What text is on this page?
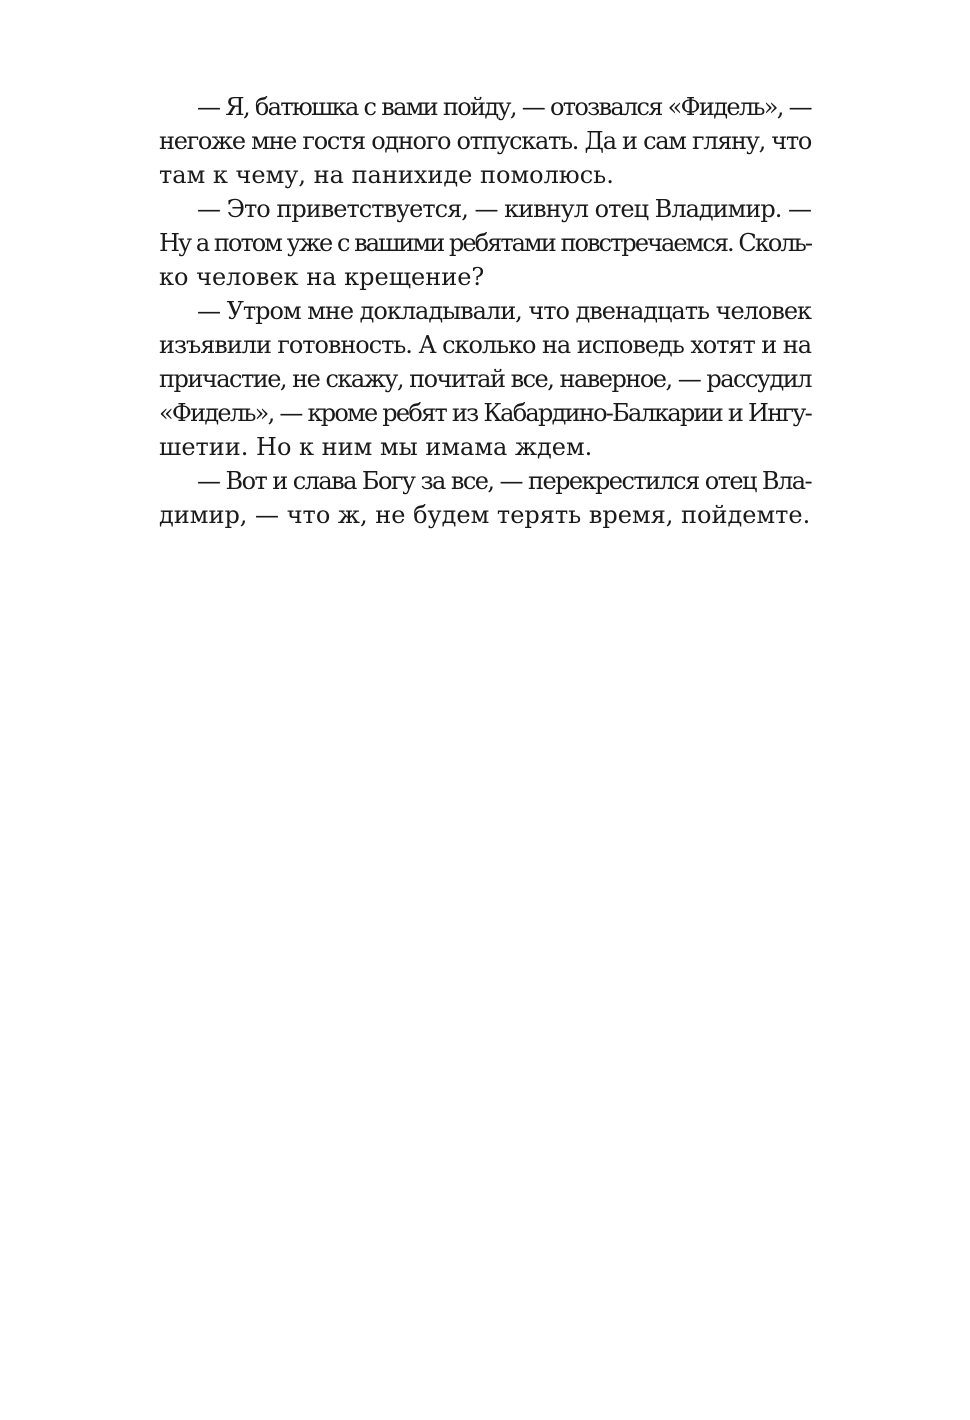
— Я, батюшка с вами пойду, — отозвался «Фидель», —
негоже мне гостя одного отпускать. Да и сам гляну, что
там к чему, на панихиде помолюсь.
— Это приветствуется, — кивнул отец Владимир. —
Ну а потом уже с вашими ребятами повстречаемся. Сколь-
ко человек на крещение?
— Утром мне докладывали, что двенадцать человек
изъявили готовность. А сколько на исповедь хотят и на
причастие, не скажу, почитай все, наверное, — рассудил
«Фидель», — кроме ребят из Кабардино-Балкарии и Ингу-
шетии. Но к ним мы имама ждем.
— Вот и слава Богу за все, — перекрестился отец Вла-
димир, — что ж, не будем терять время, пойдемте.
